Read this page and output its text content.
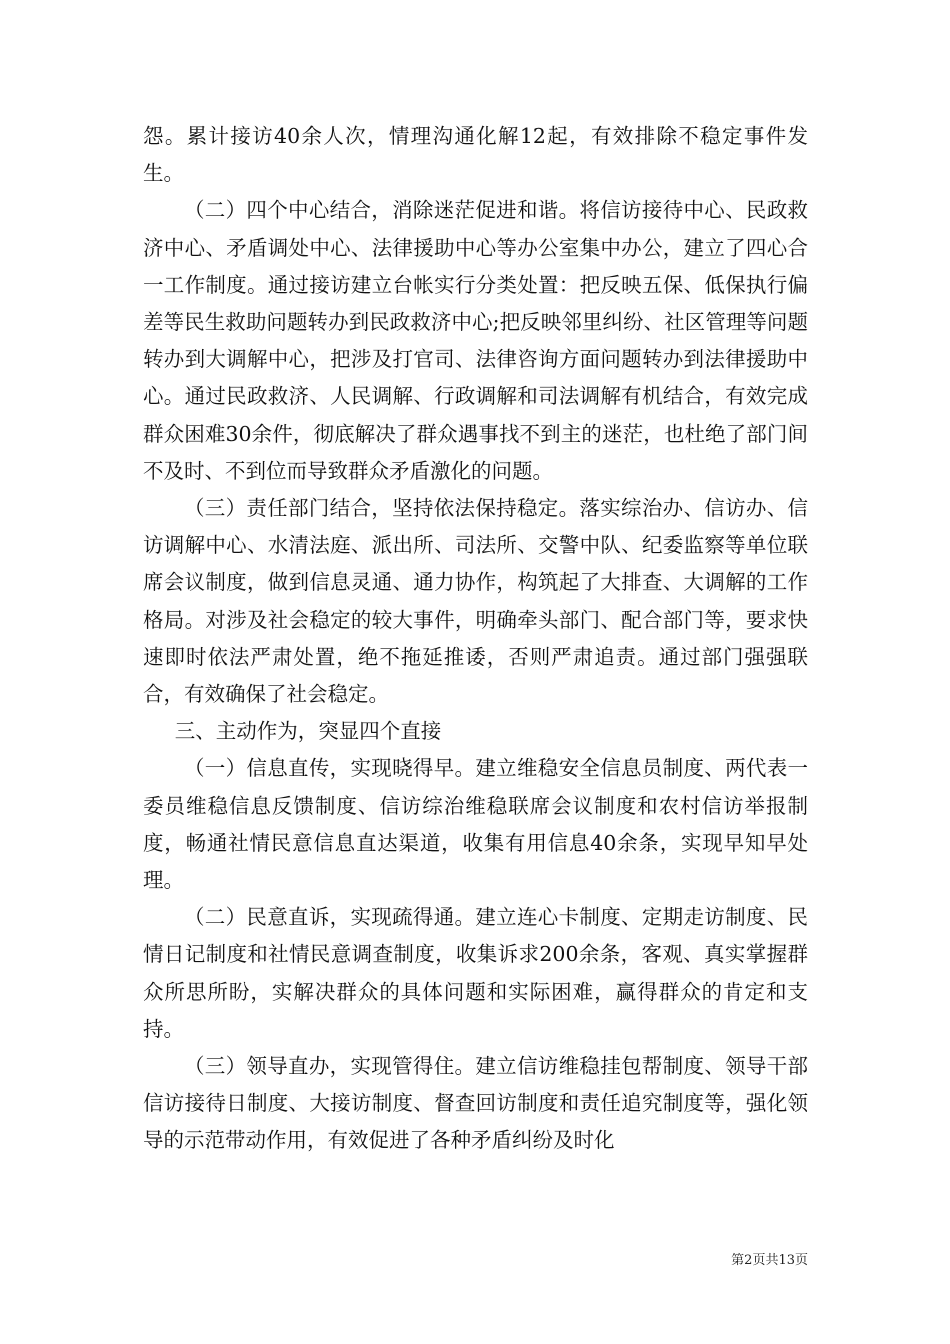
怨。累计接访40余人次，情理沟通化解12起，有效排除不稳定事件发生。

（二）四个中心结合，消除迷茫促进和谐。将信访接待中心、民政救济中心、矛盾调处中心、法律援助中心等办公室集中办公，建立了四心合一工作制度。通过接访建立台帐实行分类处置：把反映五保、低保执行偏差等民生救助问题转办到民政救济中心;把反映邻里纠纷、社区管理等问题转办到大调解中心，把涉及打官司、法律咨询方面问题转办到法律援助中心。通过民政救济、人民调解、行政调解和司法调解有机结合，有效完成群众困难30余件，彻底解决了群众遇事找不到主的迷茫，也杜绝了部门间不及时、不到位而导致群众矛盾激化的问题。

（三）责任部门结合，坚持依法保持稳定。落实综治办、信访办、信访调解中心、水清法庭、派出所、司法所、交警中队、纪委监察等单位联席会议制度，做到信息灵通、通力协作，构筑起了大排查、大调解的工作格局。对涉及社会稳定的较大事件，明确牵头部门、配合部门等，要求快速即时依法严肃处置，绝不拖延推诿，否则严肃追责。通过部门强强联合，有效确保了社会稳定。

三、主动作为，突显四个直接

（一）信息直传，实现晓得早。建立维稳安全信息员制度、两代表一委员维稳信息反馈制度、信访综治维稳联席会议制度和农村信访举报制度，畅通社情民意信息直达渠道，收集有用信息40余条，实现早知早处理。

（二）民意直诉，实现疏得通。建立连心卡制度、定期走访制度、民情日记制度和社情民意调查制度，收集诉求200余条，客观、真实掌握群众所思所盼，实解决群众的具体问题和实际困难，赢得群众的肯定和支持。

（三）领导直办，实现管得住。建立信访维稳挂包帮制度、领导干部信访接待日制度、大接访制度、督查回访制度和责任追究制度等，强化领导的示范带动作用，有效促进了各种矛盾纠纷及时化

第2页共13页
